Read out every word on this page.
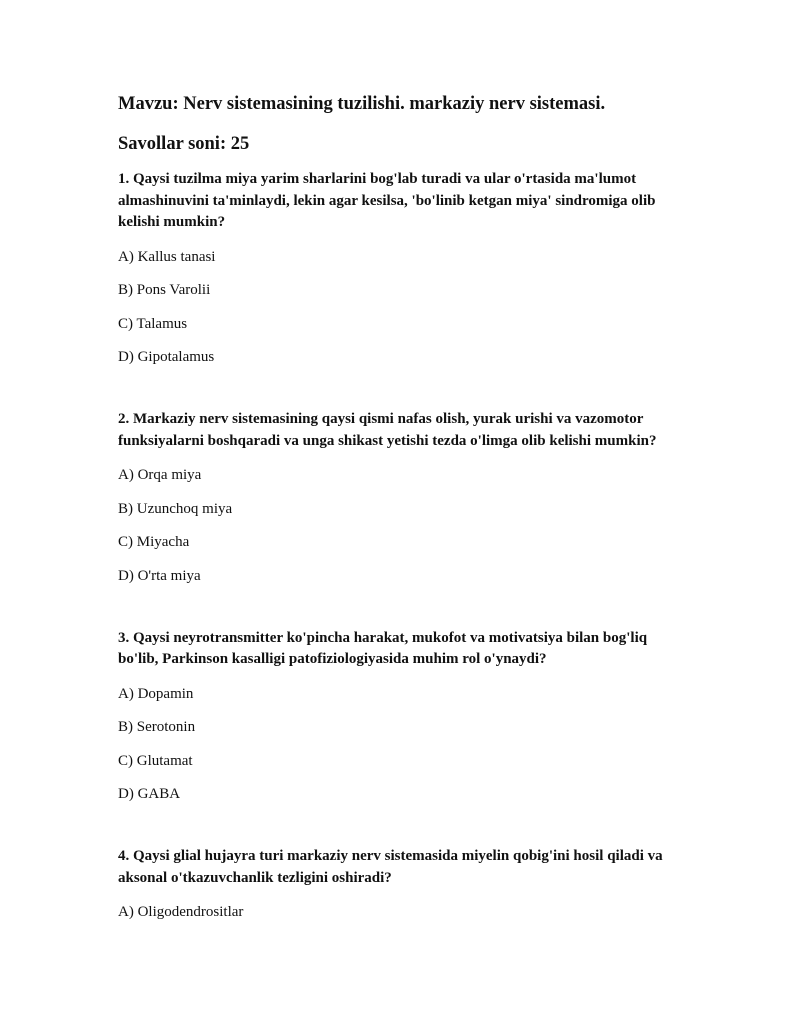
Mavzu: Nerv sistemasining tuzilishi. markaziy nerv sistemasi.
Savollar soni: 25

1. Qaysi tuzilma miya yarim sharlarini bog'lab turadi va ular o'rtasida ma'lumot almashinuvini ta'minlaydi, lekin agar kesilsa, 'bo'linib ketgan miya' sindromiga olib kelishi mumkin?

A) Kallus tanasi

B) Pons Varolii

C) Talamus

D) Gipotalamus

2. Markaziy nerv sistemasining qaysi qismi nafas olish, yurak urishi va vazomotor funksiyalarni boshqaradi va unga shikast yetishi tezda o'limga olib kelishi mumkin?

A) Orqa miya

B) Uzunchoq miya

C) Miyacha

D) O'rta miya

3. Qaysi neyrotransmitter ko'pincha harakat, mukofot va motivatsiya bilan bog'liq bo'lib, Parkinson kasalligi patofiziologiyasida muhim rol o'ynaydi?

A) Dopamin

B) Serotonin

C) Glutamat

D) GABA

4. Qaysi glial hujayra turi markaziy nerv sistemasida miyelin qobig'ini hosil qiladi va aksonal o'tkazuvchanlik tezligini oshiradi?

A) Oligodendrositlar
